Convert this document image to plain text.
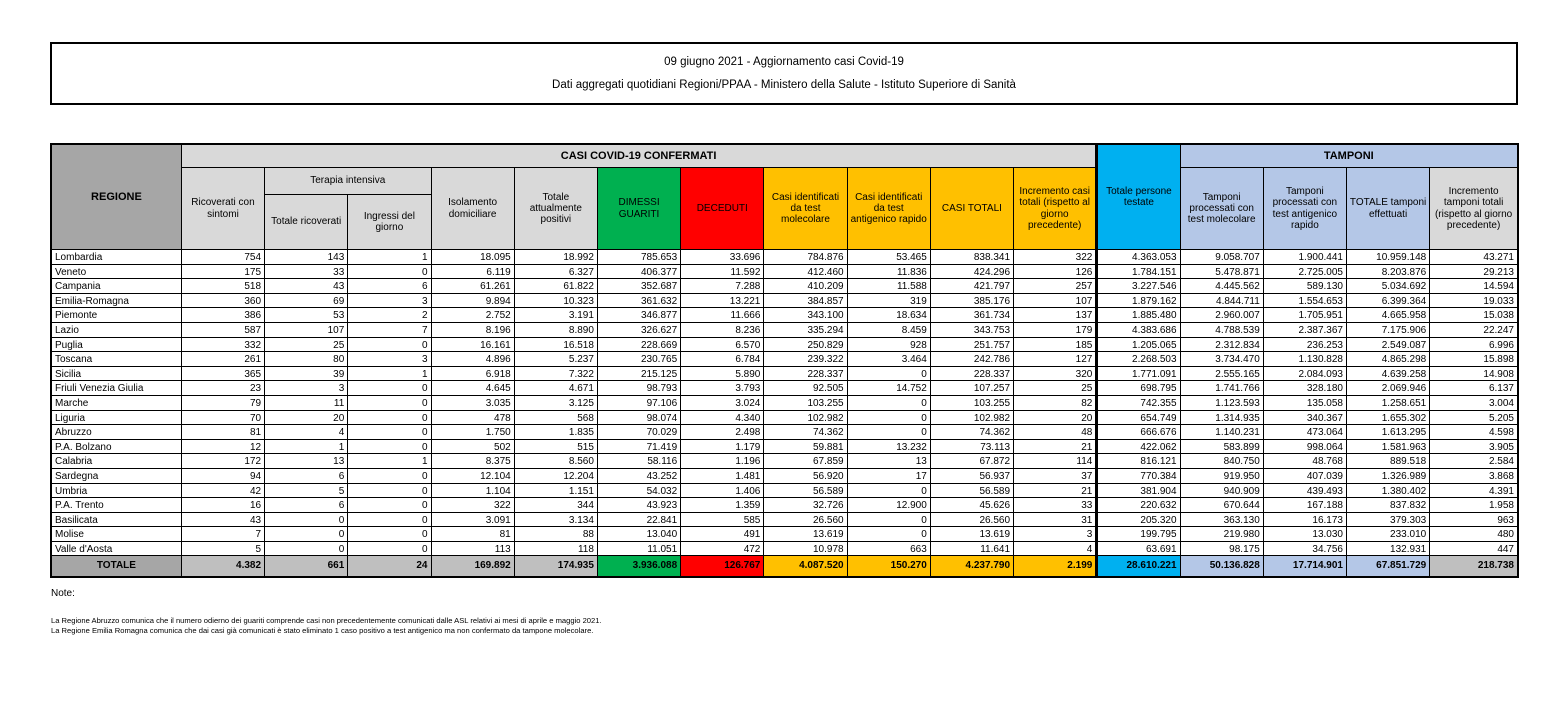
09 giugno 2021 - Aggiornamento casi Covid-19
Dati aggregati quotidiani Regioni/PPAA - Ministero della Salute - Istituto Superiore di Sanità
REGIONE	CASI COVID-19 CONFERMATI											Totale persone testate	TAMPONI			
	Ricoverati con sintomi	Terapia intensiva		Isolamento domiciliare	Totale attualmente positivi	DIMESSI GUARITI	DECEDUTI	Casi identificati da test molecolare	Casi identificati da test antigenico rapido	CASI TOTALI	Incremento casi totali (rispetto al giorno precedente)		Tamponi processati con test molecolare	Tamponi processati con test antigenico rapido	TOTALE tamponi effettuati	Incremento tamponi totali (rispetto al giorno precedente)
		Totale ricoverati	Ingressi del giorno													
Lombardia	754	143	1	18.095	18.992	785.653	33.696	784.876	53.465	838.341	322	4.363.053	9.058.707	1.900.441	10.959.148	43.271
Veneto	175	33	0	6.119	6.327	406.377	11.592	412.460	11.836	424.296	126	1.784.151	5.478.871	2.725.005	8.203.876	29.213
Campania	518	43	6	61.261	61.822	352.687	7.288	410.209	11.588	421.797	257	3.227.546	4.445.562	589.130	5.034.692	14.594
Emilia-Romagna	360	69	3	9.894	10.323	361.632	13.221	384.857	319	385.176	107	1.879.162	4.844.711	1.554.653	6.399.364	19.033
Piemonte	386	53	2	2.752	3.191	346.877	11.666	343.100	18.634	361.734	137	1.885.480	2.960.007	1.705.951	4.665.958	15.038
Lazio	587	107	7	8.196	8.890	326.627	8.236	335.294	8.459	343.753	179	4.383.686	4.788.539	2.387.367	7.175.906	22.247
Puglia	332	25	0	16.161	16.518	228.669	6.570	250.829	928	251.757	185	1.205.065	2.312.834	236.253	2.549.087	6.996
Toscana	261	80	3	4.896	5.237	230.765	6.784	239.322	3.464	242.786	127	2.268.503	3.734.470	1.130.828	4.865.298	15.898
Sicilia	365	39	1	6.918	7.322	215.125	5.890	228.337	0	228.337	320	1.771.091	2.555.165	2.084.093	4.639.258	14.908
Friuli Venezia Giulia	23	3	0	4.645	4.671	98.793	3.793	92.505	14.752	107.257	25	698.795	1.741.766	328.180	2.069.946	6.137
Marche	79	11	0	3.035	3.125	97.106	3.024	103.255	0	103.255	82	742.355	1.123.593	135.058	1.258.651	3.004
Liguria	70	20	0	478	568	98.074	4.340	102.982	0	102.982	20	654.749	1.314.935	340.367	1.655.302	5.205
Abruzzo	81	4	0	1.750	1.835	70.029	2.498	74.362	0	74.362	48	666.676	1.140.231	473.064	1.613.295	4.598
P.A. Bolzano	12	1	0	502	515	71.419	1.179	59.881	13.232	73.113	21	422.062	583.899	998.064	1.581.963	3.905
Calabria	172	13	1	8.375	8.560	58.116	1.196	67.859	13	67.872	114	816.121	840.750	48.768	889.518	2.584
Sardegna	94	6	0	12.104	12.204	43.252	1.481	56.920	17	56.937	37	770.384	919.950	407.039	1.326.989	3.868
Umbria	42	5	0	1.104	1.151	54.032	1.406	56.589	0	56.589	21	381.904	940.909	439.493	1.380.402	4.391
P.A. Trento	16	6	0	322	344	43.923	1.359	32.726	12.900	45.626	33	220.632	670.644	167.188	837.832	1.958
Basilicata	43	0	0	3.091	3.134	22.841	585	26.560	0	26.560	31	205.320	363.130	16.173	379.303	963
Molise	7	0	0	81	88	13.040	491	13.619	0	13.619	3	199.795	219.980	13.030	233.010	480
Valle d'Aosta	5	0	0	113	118	11.051	472	10.978	663	11.641	4	63.691	98.175	34.756	132.931	447
TOTALE	4.382	661	24	169.892	174.935	3.936.088	126.767	4.087.520	150.270	4.237.790	2.199	28.610.221	50.136.828	17.714.901	67.851.729	218.738
Note:
La Regione Abruzzo comunica che il numero odierno dei guariti comprende casi non precedentemente comunicati dalle ASL relativi ai mesi di aprile e maggio 2021.
La Regione Emilia Romagna comunica che dai casi già comunicati è stato eliminato 1 caso positivo a test antigenico ma non confermato da tampone molecolare.
